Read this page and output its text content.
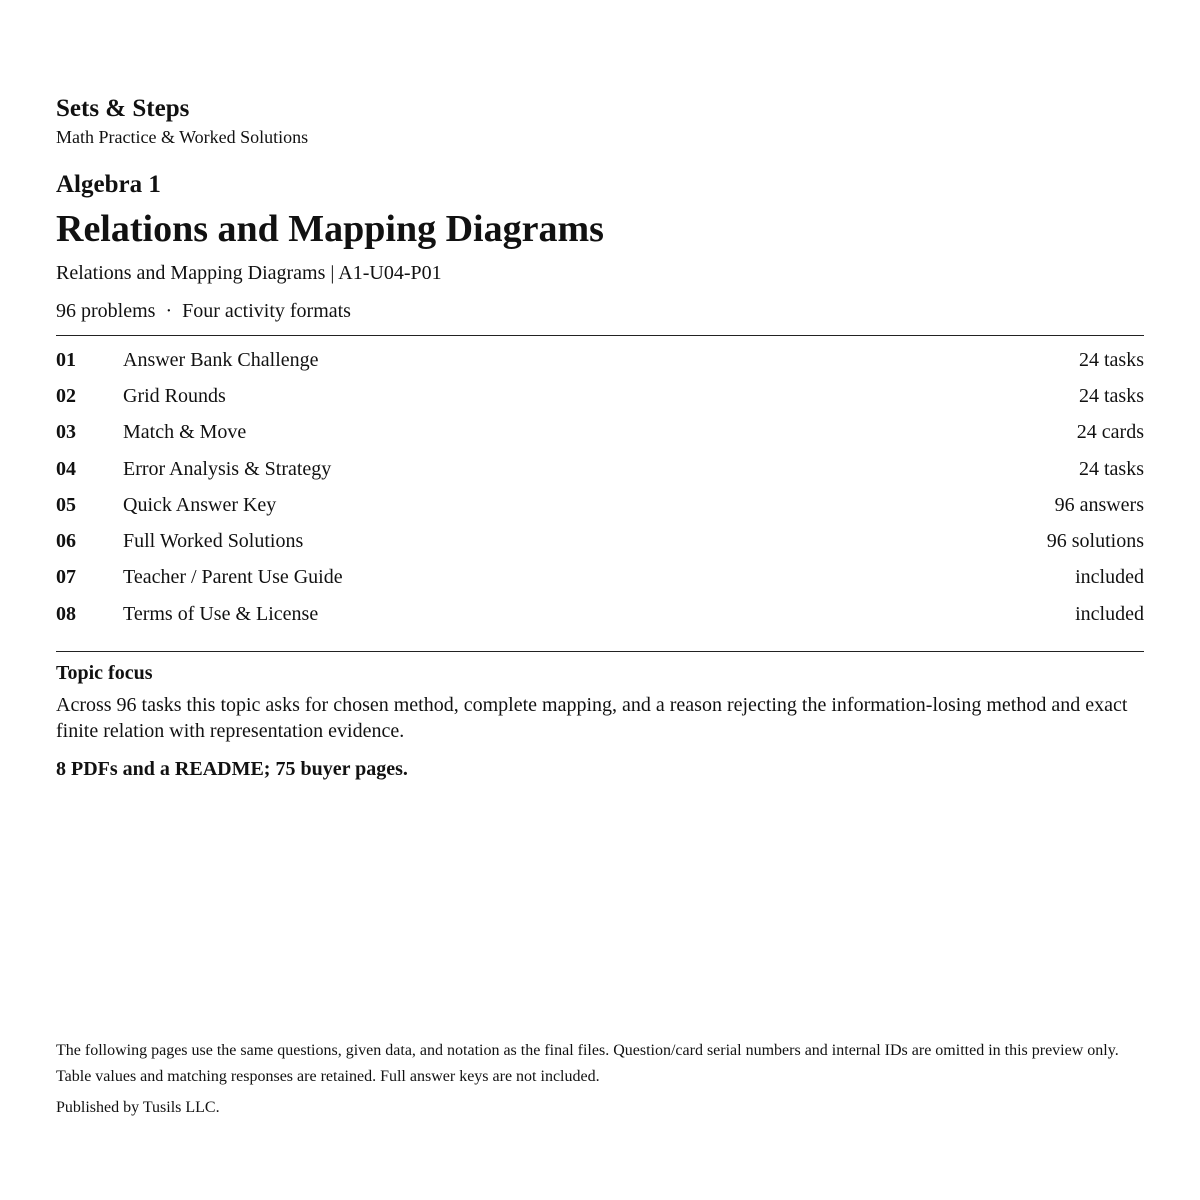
Sets & Steps
Math Practice & Worked Solutions
Algebra 1
Relations and Mapping Diagrams
Relations and Mapping Diagrams | A1-U04-P01
96 problems · Four activity formats
01	Answer Bank Challenge	24 tasks
02	Grid Rounds	24 tasks
03	Match & Move	24 cards
04	Error Analysis & Strategy	24 tasks
05	Quick Answer Key	96 answers
06	Full Worked Solutions	96 solutions
07	Teacher / Parent Use Guide	included
08	Terms of Use & License	included
Topic focus
Across 96 tasks this topic asks for chosen method, complete mapping, and a reason rejecting the information-losing method and exact finite relation with representation evidence.
8 PDFs and a README; 75 buyer pages.
The following pages use the same questions, given data, and notation as the final files. Question/card serial numbers and internal IDs are omitted in this preview only. Table values and matching responses are retained. Full answer keys are not included.
Published by Tusils LLC.
